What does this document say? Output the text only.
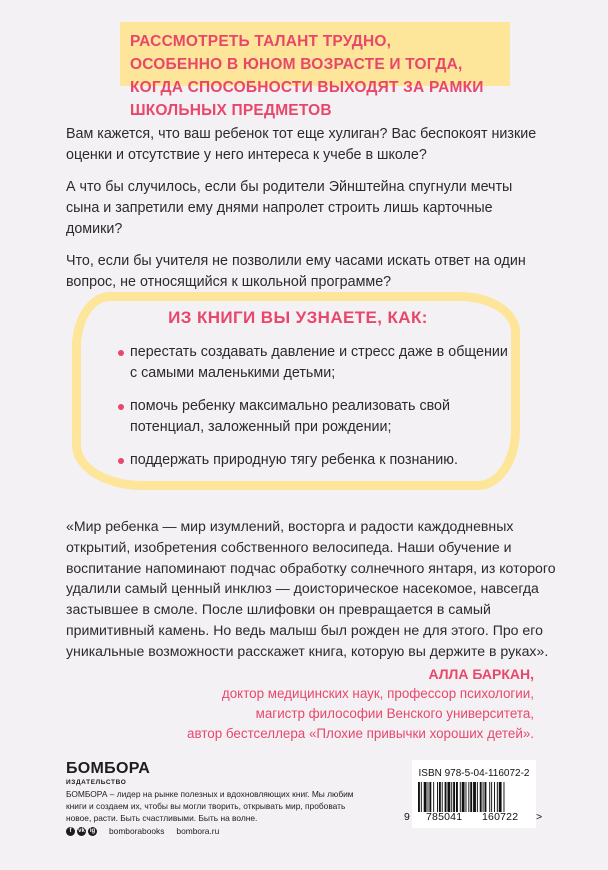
РАССМОТРЕТЬ ТАЛАНТ ТРУДНО,
ОСОБЕННО В ЮНОМ ВОЗРАСТЕ И ТОГДА,
КОГДА СПОСОБНОСТИ ВЫХОДЯТ ЗА РАМКИ
ШКОЛЬНЫХ ПРЕДМЕТОВ

Вам кажется, что ваш ребенок тот еще хулиган? Вас беспокоят низкие оценки и отсутствие у него интереса к учебе в школе?

А что бы случилось, если бы родители Эйнштейна спугнули мечты сына и запретили ему днями напролет строить лишь карточные домики?

Что, если бы учителя не позволили ему часами искать ответ на один вопрос, не относящийся к школьной программе?

ИЗ КНИГИ ВЫ УЗНАЕТЕ, КАК:
перестать создавать давление и стресс даже в общении с самыми маленькими детьми;
помочь ребенку максимально реализовать свой потенциал, заложенный при рождении;
поддержать природную тягу ребенка к познанию.
«Мир ребенка — мир изумлений, восторга и радости каждодневных открытий, изобретения собственного велосипеда. Наши обучение и воспитание напоминают подчас обработку солнечного янтаря, из которого удалили самый ценный инклюз — доисторическое насекомое, навсегда застывшее в смоле. После шлифовки он превращается в самый примитивный камень. Но ведь малыш был рожден не для этого. Про его уникальные возможности расскажет книга, которую вы держите в руках».
АЛЛА БАРКАН,
доктор медицинских наук, профессор психологии,
магистр философии Венского университета,
автор бестселлера «Плохие привычки хороших детей».
БОМБОРА
ИЗДАТЕЛЬСТВО
БОМБОРА – лидер на рынке полезных и вдохновляющих книг. Мы любим книги и создаем их, чтобы вы могли творить, открывать мир, пробовать новое, расти. Быть счастливыми. Быть на волне.
f	vk ig bomborabooks bombora.ru
ISBN 978-5-04-116072-2
9 785041 160722 >
